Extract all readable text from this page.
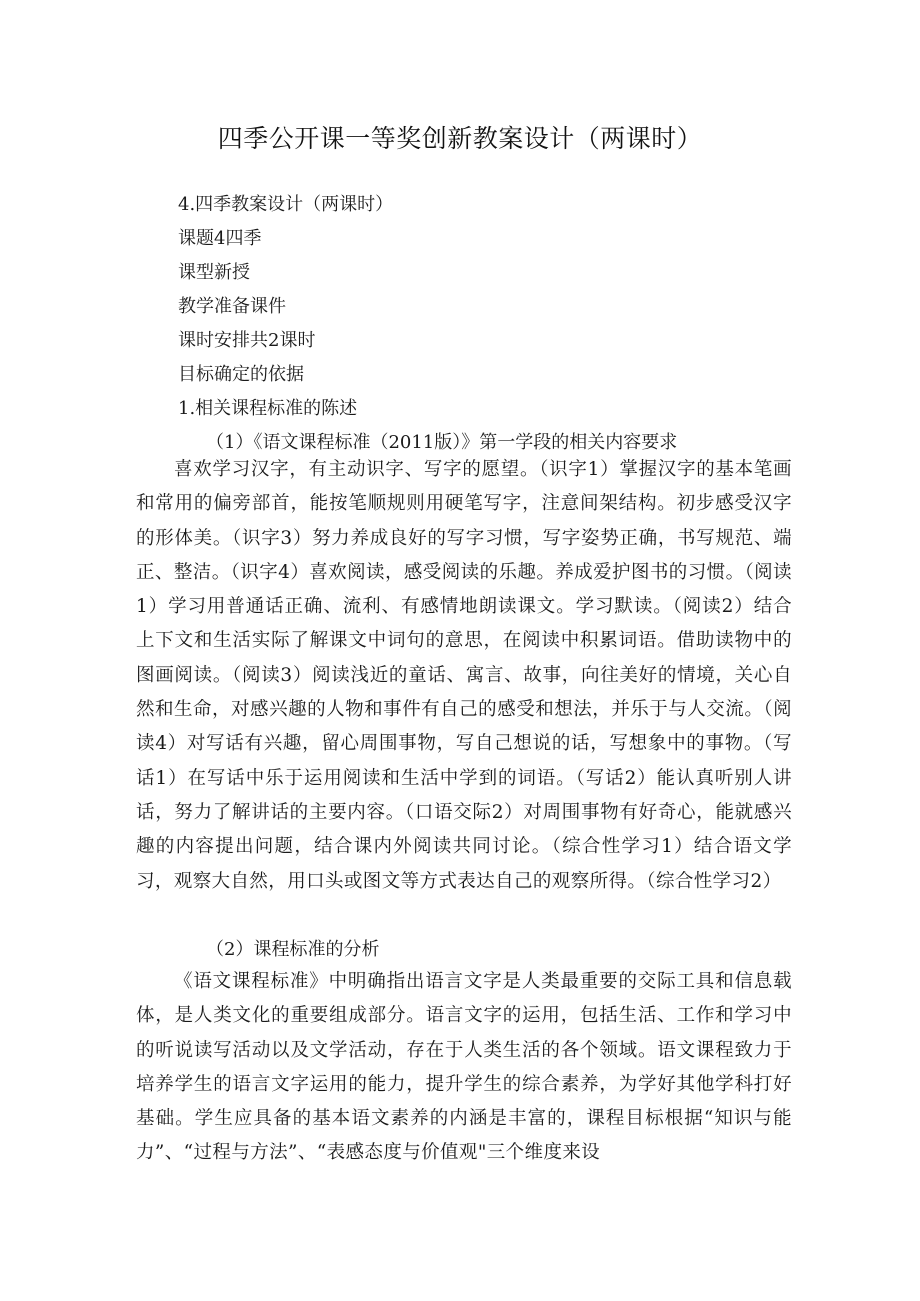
四季公开课一等奖创新教案设计（两课时）
4.四季教案设计（两课时）
课题4四季
课型新授
教学准备课件
课时安排共2课时
目标确定的依据
1.相关课程标准的陈述
（1）《语文课程标准（2011版）》第一学段的相关内容要求
喜欢学习汉字，有主动识字、写字的愿望。（识字1）掌握汉字的基本笔画和常用的偏旁部首，能按笔顺规则用硬笔写字，注意间架结构。初步感受汉字的形体美。（识字3）努力养成良好的写字习惯，写字姿势正确，书写规范、端正、整洁。（识字4）喜欢阅读，感受阅读的乐趣。养成爱护图书的习惯。（阅读1）学习用普通话正确、流利、有感情地朗读课文。学习默读。（阅读2）结合上下文和生活实际了解课文中词句的意思，在阅读中积累词语。借助读物中的图画阅读。（阅读3）阅读浅近的童话、寓言、故事，向往美好的情境，关心自然和生命，对感兴趣的人物和事件有自己的感受和想法，并乐于与人交流。（阅读4）对写话有兴趣，留心周围事物，写自己想说的话，写想象中的事物。（写话1）在写话中乐于运用阅读和生活中学到的词语。（写话2）能认真听别人讲话，努力了解讲话的主要内容。（口语交际2）对周围事物有好奇心，能就感兴趣的内容提出问题，结合课内外阅读共同讨论。（综合性学习1）结合语文学习，观察大自然，用口头或图文等方式表达自己的观察所得。（综合性学习2）
（2）课程标准的分析
《语文课程标准》中明确指出语言文字是人类最重要的交际工具和信息载体，是人类文化的重要组成部分。语言文字的运用，包括生活、工作和学习中的听说读写活动以及文学活动，存在于人类生活的各个领域。语文课程致力于培养学生的语言文字运用的能力，提升学生的综合素养，为学好其他学科打好基础。学生应具备的基本语文素养的内涵是丰富的，课程目标根据“知识与能力”、“过程与方法”、“表感态度与价值观"三个维度来设
